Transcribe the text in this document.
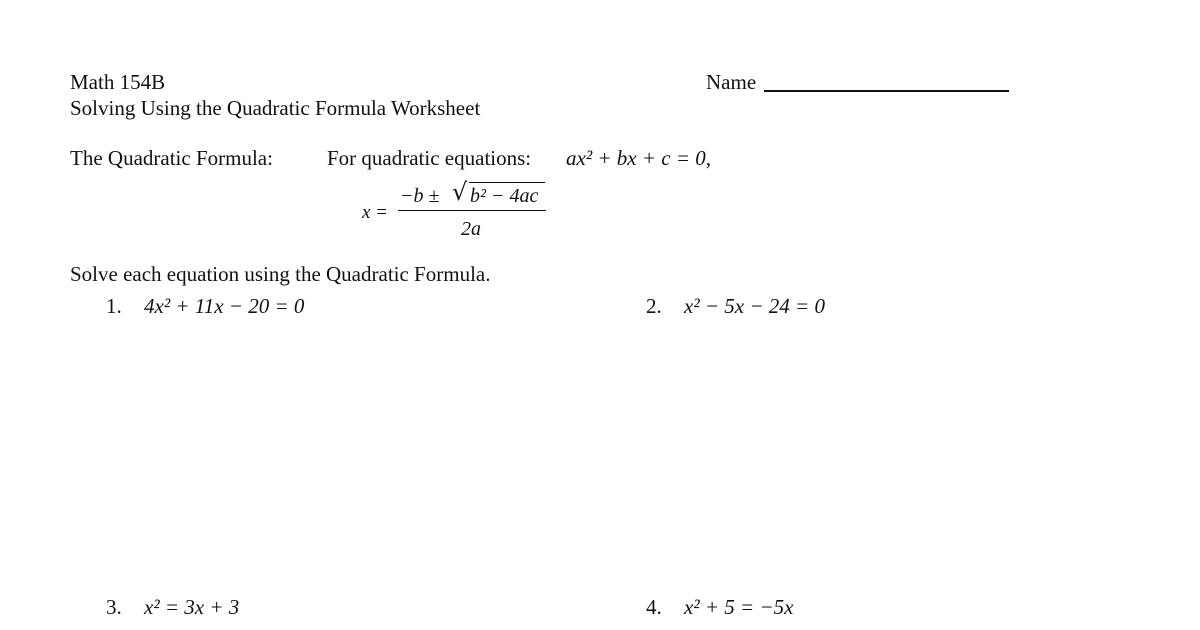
Math 154B
Solving Using the Quadratic Formula Worksheet
Name
The Quadratic Formula:	For quadratic equations: ax² + bx + c = 0,
x =
−b ± √ b² − 4ac
2a
Solve each equation using the Quadratic Formula.
1. 4x² + 11x − 20 = 0	2. x² − 5x − 24 = 0
3. x² = 3x + 3	4. x² + 5 = −5x
